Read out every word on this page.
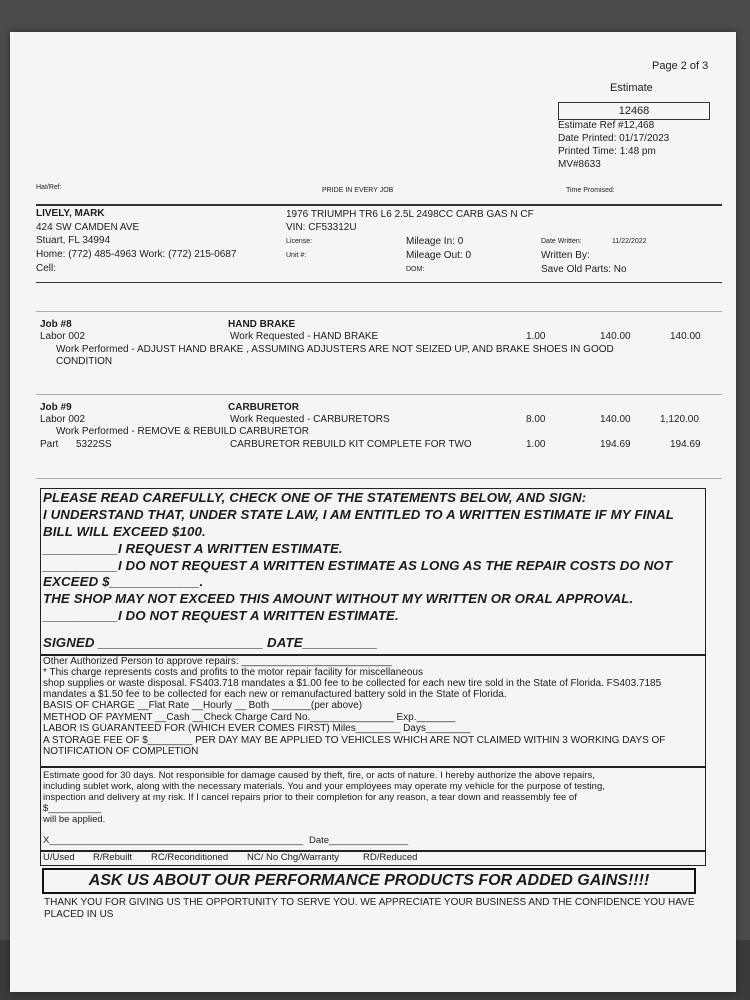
Page 2 of 3
Estimate
12468
Estimate Ref #12,468
Date Printed: 01/17/2023
Printed Time: 1:48 pm
MV#8633
Hat/Ref:	PRIDE IN EVERY JOB	Time Promised:
LIVELY, MARK
424 SW CAMDEN AVE
Stuart, FL 34994
Home: (772) 485-4963 Work: (772) 215-0687
Cell:
1976 TRIUMPH TR6 L6 2.5L 2498CC CARB GAS N CF
VIN: CF53312U
License:
Unit #:
Mileage In: 0
Mileage Out: 0
DOM:
Date Written:	11/22/2022
Written By:
Save Old Parts: No
Job #8	HAND BRAKE
Labor 002	Work Requested - HAND BRAKE	1.00	140.00	140.00
Work Performed - ADJUST HAND BRAKE , ASSUMING ADJUSTERS ARE NOT SEIZED UP, AND BRAKE SHOES IN GOOD
CONDITION
Job #9	CARBURETOR
Labor 002	Work Requested - CARBURETORS	8.00	140.00	1,120.00
Work Performed - REMOVE & REBUILD CARBURETOR
Part 5322SS	CARBURETOR REBUILD KIT COMPLETE FOR TWO	1.00	194.69	194.69
PLEASE READ CAREFULLY, CHECK ONE OF THE STATEMENTS BELOW, AND SIGN:
I UNDERSTAND THAT, UNDER STATE LAW, I AM ENTITLED TO A WRITTEN ESTIMATE IF MY FINAL
BILL WILL EXCEED $100.
__________I REQUEST A WRITTEN ESTIMATE.
__________I DO NOT REQUEST A WRITTEN ESTIMATE AS LONG AS THE REPAIR COSTS DO NOT
EXCEED $____________.
THE SHOP MAY NOT EXCEED THIS AMOUNT WITHOUT MY WRITTEN OR ORAL APPROVAL.
__________I DO NOT REQUEST A WRITTEN ESTIMATE.
SIGNED ______________________ DATE__________
Other Authorized Person to approve repairs: ___________________________
* This charge represents costs and profits to the motor repair facility for miscellaneous
shop supplies or waste disposal. FS403.718 mandates a $1.00 fee to be collected for each new tire sold in the State of Florida. FS403.7185
mandates a $1.50 fee to be collected for each new or remanufactured battery sold in the State of Florida.
BASIS OF CHARGE __Flat Rate __Hourly __ Both _______(per above)
METHOD OF PAYMENT __Cash __Check Charge Card No._______________ Exp._______
LABOR IS GUARANTEED FOR (WHICH EVER COMES FIRST) Miles________ Days________
A STORAGE FEE OF $________ PER DAY MAY BE APPLIED TO VEHICLES WHICH ARE NOT CLAIMED WITHIN 3 WORKING DAYS OF
NOTIFICATION OF COMPLETION
Estimate good for 30 days. Not responsible for damage caused by theft, fire, or acts of nature. I hereby authorize the above repairs,
including sublet work, along with the necessary materials. You and your employees may operate my vehicle for the purpose of testing,
inspection and delivery at my risk. If I cancel repairs prior to their completion for any reason, a tear down and reassembly fee of
$__________
will be applied.
X________________________________________________ Date_______________
U/Used R/Rebuilt RC/Reconditioned NC/ No Chg/Warranty	RD/Reduced
ASK US ABOUT OUR PERFORMANCE PRODUCTS FOR ADDED GAINS!!!!
THANK YOU FOR GIVING US THE OPPORTUNITY TO SERVE YOU. WE APPRECIATE YOUR BUSINESS AND THE CONFIDENCE YOU HAVE PLACED IN US
